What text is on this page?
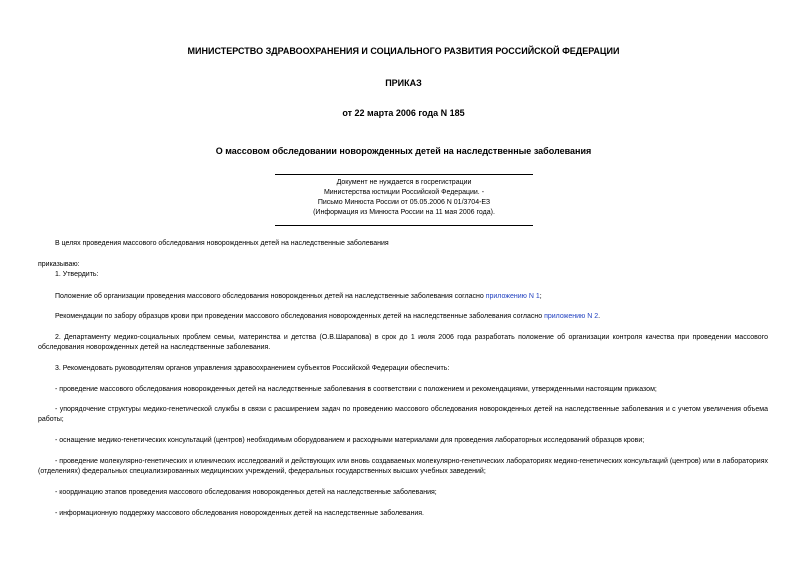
МИНИСТЕРСТВО ЗДРАВООХРАНЕНИЯ И СОЦИАЛЬНОГО РАЗВИТИЯ РОССИЙСКОЙ ФЕДЕРАЦИИ
ПРИКАЗ
от 22 марта 2006 года N 185
О массовом обследовании новорожденных детей на наследственные заболевания
Документ не нуждается в госрегистрации
Министерства юстиции Российской Федерации. -
Письмо Минюста России от 05.05.2006 N 01/3704-ЕЗ
(Информация из Минюста России на 11 мая 2006 года).

В целях проведения массового обследования новорожденных детей на наследственные заболевания

приказываю:

1. Утвердить:

Положение об организации проведения массового обследования новорожденных детей на наследственные заболевания согласно приложению N 1;

Рекомендации по забору образцов крови при проведении массового обследования новорожденных детей на наследственные заболевания согласно приложению N 2.

2. Департаменту медико-социальных проблем семьи, материнства и детства (О.В.Шарапова) в срок до 1 июля 2006 года разработать положение об организации контроля качества при проведении массового обследования новорожденных детей на наследственные заболевания.

3. Рекомендовать руководителям органов управления здравоохранением субъектов Российской Федерации обеспечить:

- проведение массового обследования новорожденных детей на наследственные заболевания в соответствии с положением и рекомендациями, утвержденными настоящим приказом;

- упорядочение структуры медико-генетической службы в связи с расширением задач по проведению массового обследования новорожденных детей на наследственные заболевания и с учетом увеличения объема работы;

- оснащение медико-генетических консультаций (центров) необходимым оборудованием и расходными материалами для проведения лабораторных исследований образцов крови;

- проведение молекулярно-генетических и клинических исследований и действующих или вновь создаваемых молекулярно-генетических лабораториях медико-генетических консультаций (центров) или в лабораториях (отделениях) федеральных специализированных медицинских учреждений, федеральных государственных высших учебных заведений;

- координацию этапов проведения массового обследования новорожденных детей на наследственные заболевания;

- информационную поддержку массового обследования новорожденных детей на наследственные заболевания.
